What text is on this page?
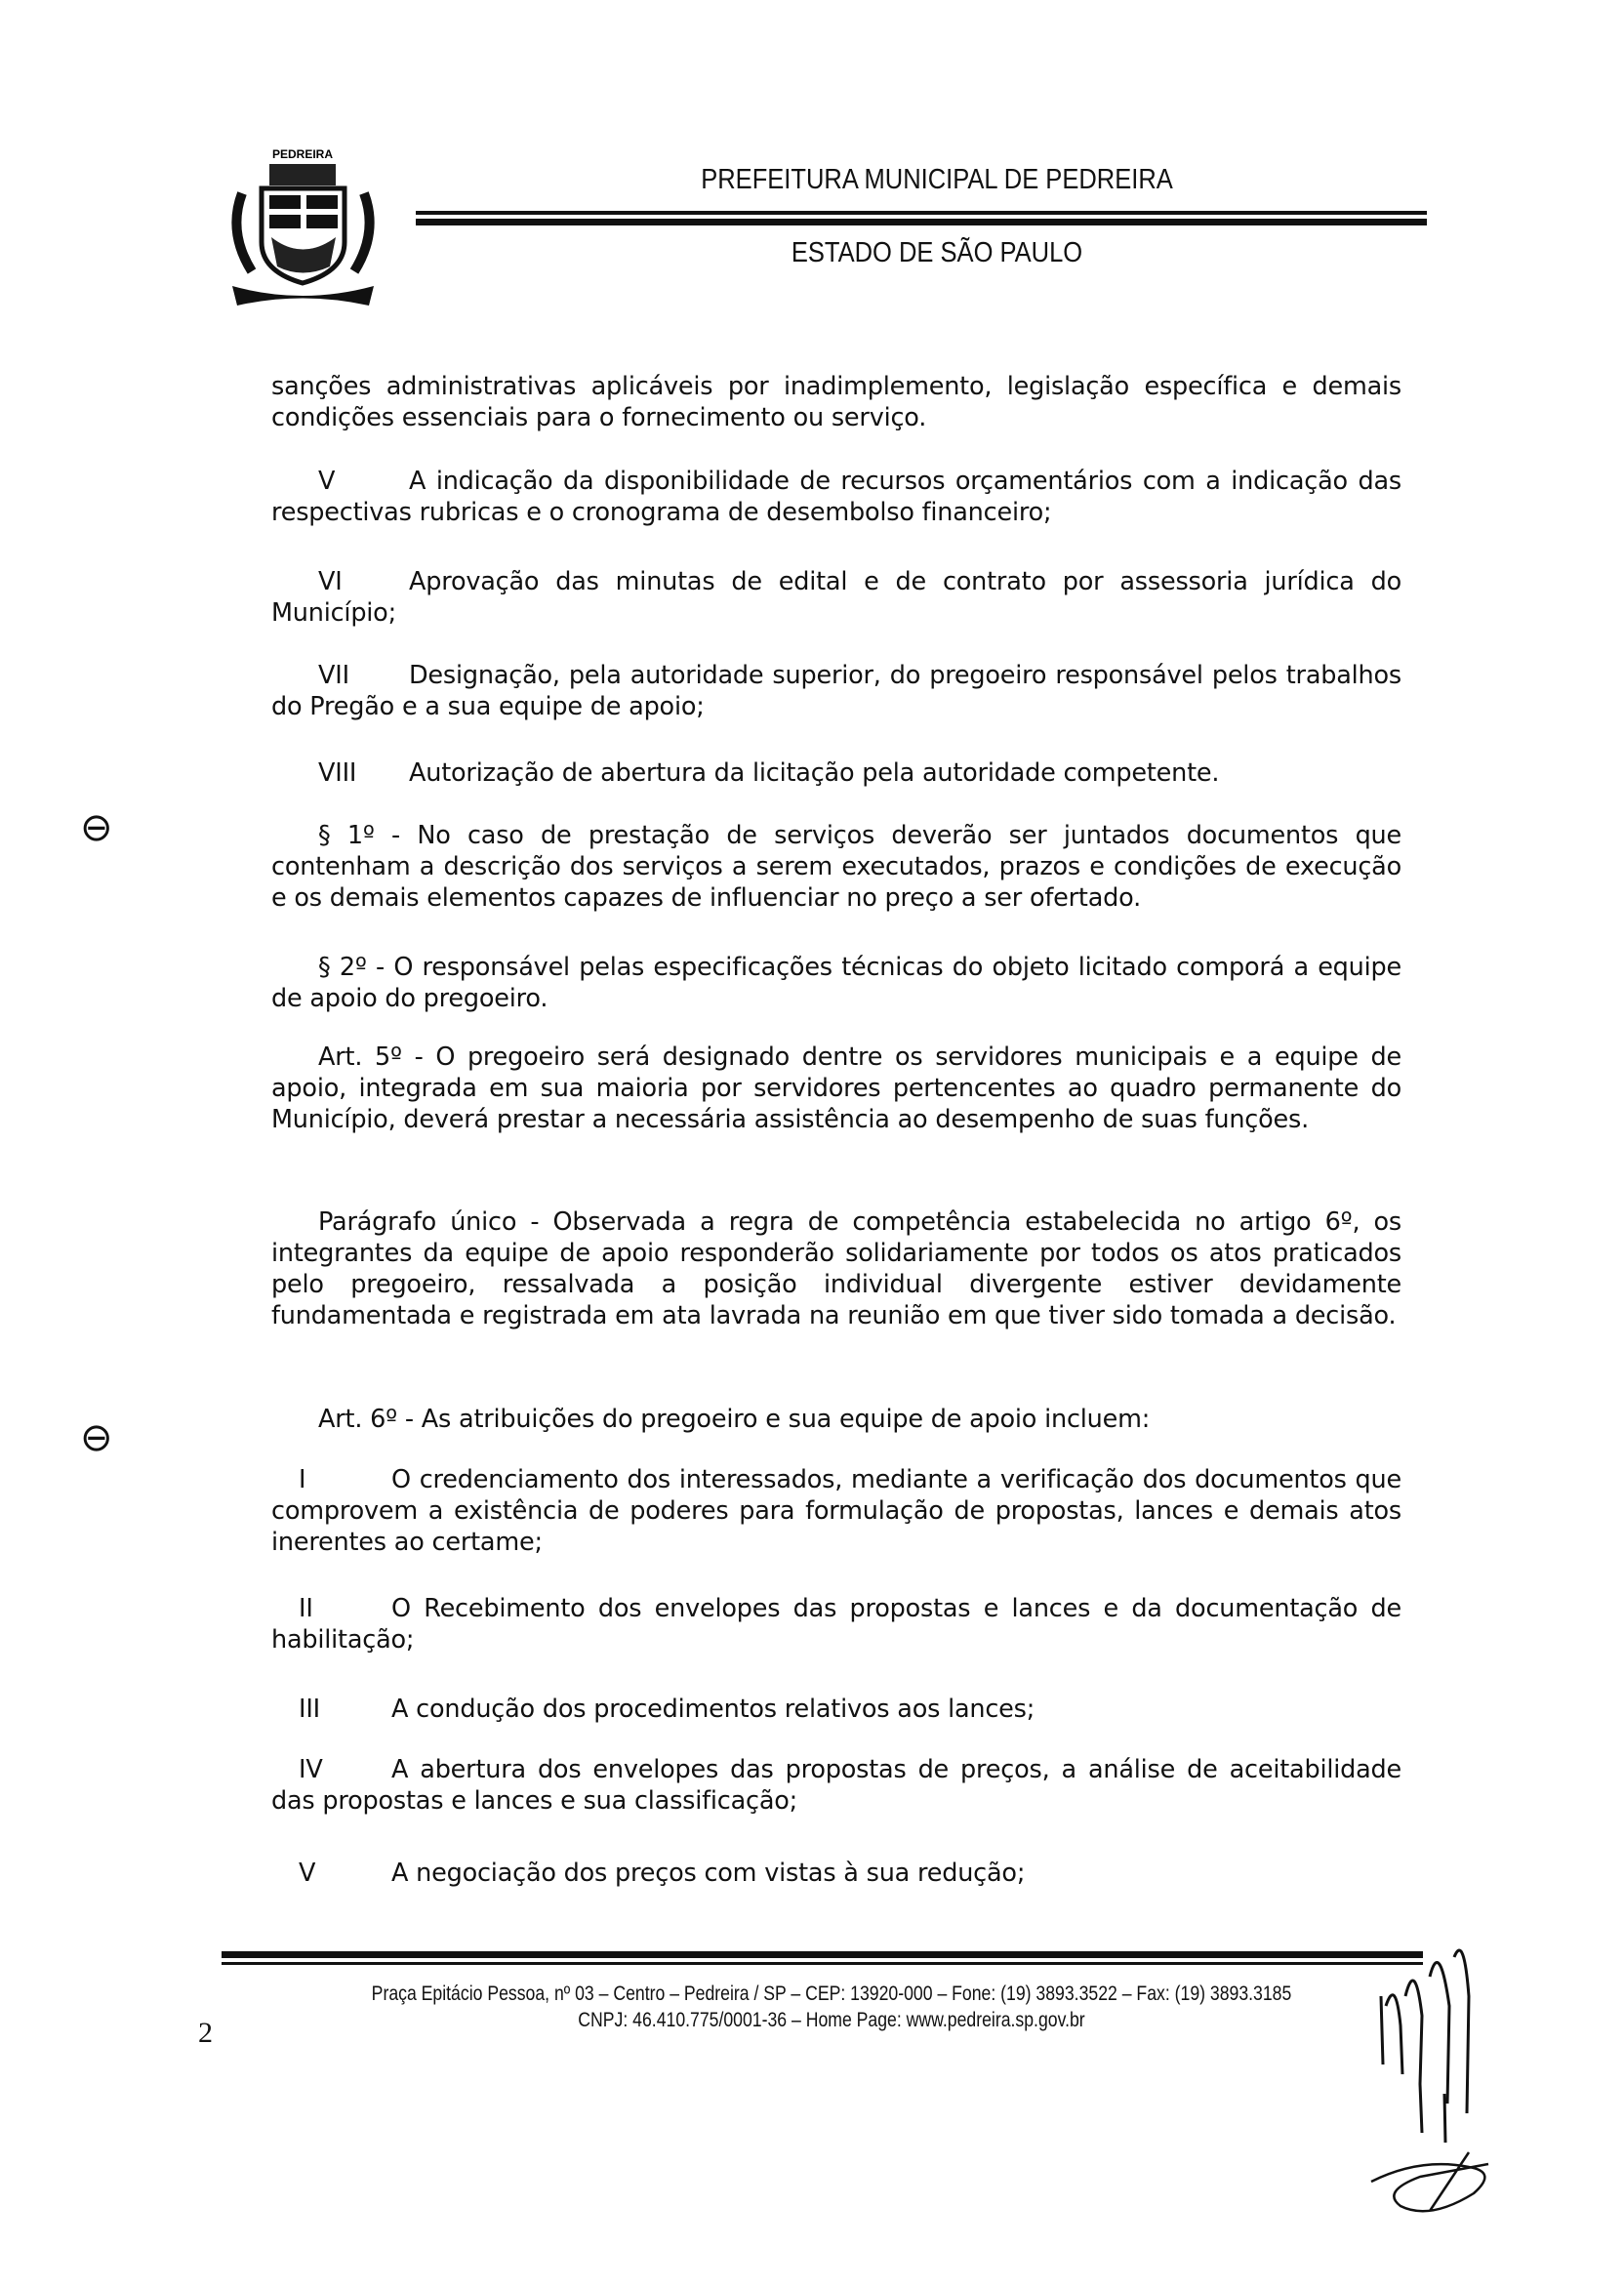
PEDREIRA
PREFEITURA MUNICIPAL DE PEDREIRA
ESTADO DE SÃO PAULO
⊖
⊖

sanções administrativas aplicáveis por inadimplemento, legislação específica e demais condições essenciais para o fornecimento ou serviço.

V	A indicação da disponibilidade de recursos orçamentários com a indicação das respectivas rubricas e o cronograma de desembolso financeiro;

VI	Aprovação das minutas de edital e de contrato por assessoria jurídica do Município;

VII Designação, pela autoridade superior, do pregoeiro responsável pelos trabalhos do Pregão e a sua equipe de apoio;

VIII Autorização de abertura da licitação pela autoridade competente.

§ 1º - No caso de prestação de serviços deverão ser juntados documentos que contenham a descrição dos serviços a serem executados, prazos e condições de execução e os demais elementos capazes de influenciar no preço a ser ofertado.

§ 2º - O responsável pelas especificações técnicas do objeto licitado comporá a equipe de apoio do pregoeiro.

Art. 5º - O pregoeiro será designado dentre os servidores municipais e a equipe de apoio, integrada em sua maioria por servidores pertencentes ao quadro permanente do Município, deverá prestar a necessária assistência ao desempenho de suas funções.

Parágrafo único - Observada a regra de competência estabelecida no artigo 6º, os integrantes da equipe de apoio responderão solidariamente por todos os atos praticados pelo pregoeiro, ressalvada a posição individual divergente estiver devidamente fundamentada e registrada em ata lavrada na reunião em que tiver sido tomada a decisão.

Art. 6º - As atribuições do pregoeiro e sua equipe de apoio incluem:

I	O credenciamento dos interessados, mediante a verificação dos documentos que comprovem a existência de poderes para formulação de propostas, lances e demais atos inerentes ao certame;

II	O Recebimento dos envelopes das propostas e lances e da documentação de habilitação;

III	A condução dos procedimentos relativos aos lances;

IV	A abertura dos envelopes das propostas de preços, a análise de aceitabilidade das propostas e lances e sua classificação;

V	A negociação dos preços com vistas à sua redução;

Praça Epitácio Pessoa, nº 03 – Centro – Pedreira / SP – CEP: 13920-000 – Fone: (19) 3893.3522 – Fax: (19) 3893.3185
CNPJ: 46.410.775/0001-36 – Home Page: www.pedreira.sp.gov.br
2
